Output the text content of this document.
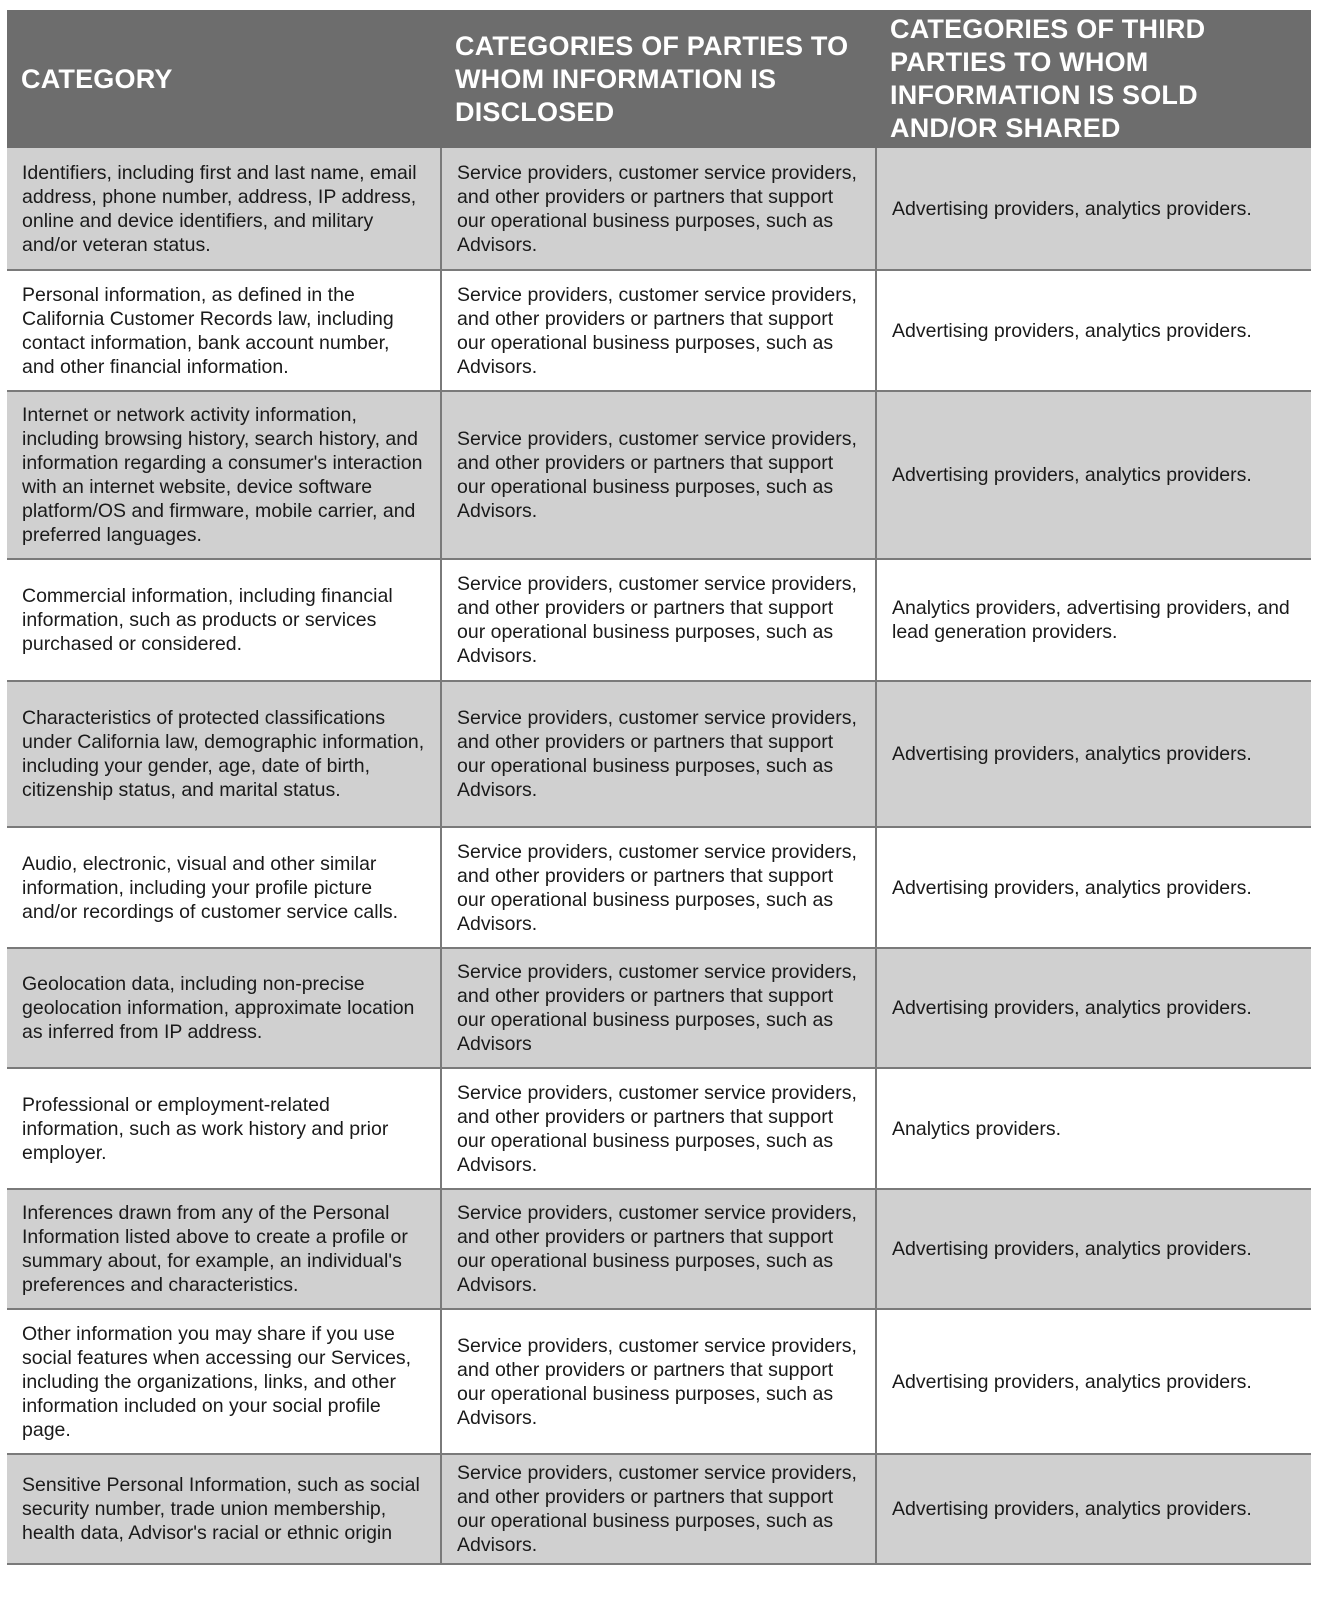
CATEGORY	CATEGORIES OF PARTIES TO WHOM INFORMATION IS DISCLOSED	CATEGORIES OF THIRD PARTIES TO WHOM INFORMATION IS SOLD AND/OR SHARED
Identifiers, including first and last name, email address, phone number, address, IP address, online and device identifiers, and military and/or veteran status.	Service providers, customer service providers, and other providers or partners that support our operational business purposes, such as Advisors.	Advertising providers, analytics providers.
Personal information, as defined in the California Customer Records law, including contact information, bank account number, and other financial information.	Service providers, customer service providers, and other providers or partners that support our operational business purposes, such as Advisors.	Advertising providers, analytics providers.
Internet or network activity information, including browsing history, search history, and information regarding a consumer's interaction with an internet website, device software platform/OS and firmware, mobile carrier, and preferred languages.	Service providers, customer service providers, and other providers or partners that support our operational business purposes, such as Advisors.	Advertising providers, analytics providers.
Commercial information, including financial information, such as products or services purchased or considered.	Service providers, customer service providers, and other providers or partners that support our operational business purposes, such as Advisors.	Analytics providers, advertising providers, and lead generation providers.
Characteristics of protected classifications under California law, demographic information, including your gender, age, date of birth, citizenship status, and marital status.	Service providers, customer service providers, and other providers or partners that support our operational business purposes, such as Advisors.	Advertising providers, analytics providers.
Audio, electronic, visual and other similar information, including your profile picture and/or recordings of customer service calls.	Service providers, customer service providers, and other providers or partners that support our operational business purposes, such as Advisors.	Advertising providers, analytics providers.
Geolocation data, including non-precise geolocation information, approximate location as inferred from IP address.	Service providers, customer service providers, and other providers or partners that support our operational business purposes, such as Advisors	Advertising providers, analytics providers.
Professional or employment-related information, such as work history and prior employer.	Service providers, customer service providers, and other providers or partners that support our operational business purposes, such as Advisors.	Analytics providers.
Inferences drawn from any of the Personal Information listed above to create a profile or summary about, for example, an individual's preferences and characteristics.	Service providers, customer service providers, and other providers or partners that support our operational business purposes, such as Advisors.	Advertising providers, analytics providers.
Other information you may share if you use social features when accessing our Services, including the organizations, links, and other information included on your social profile page.	Service providers, customer service providers, and other providers or partners that support our operational business purposes, such as Advisors.	Advertising providers, analytics providers.
Sensitive Personal Information, such as social security number, trade union membership, health data, Advisor's racial or ethnic origin	Service providers, customer service providers, and other providers or partners that support our operational business purposes, such as Advisors.	Advertising providers, analytics providers.
